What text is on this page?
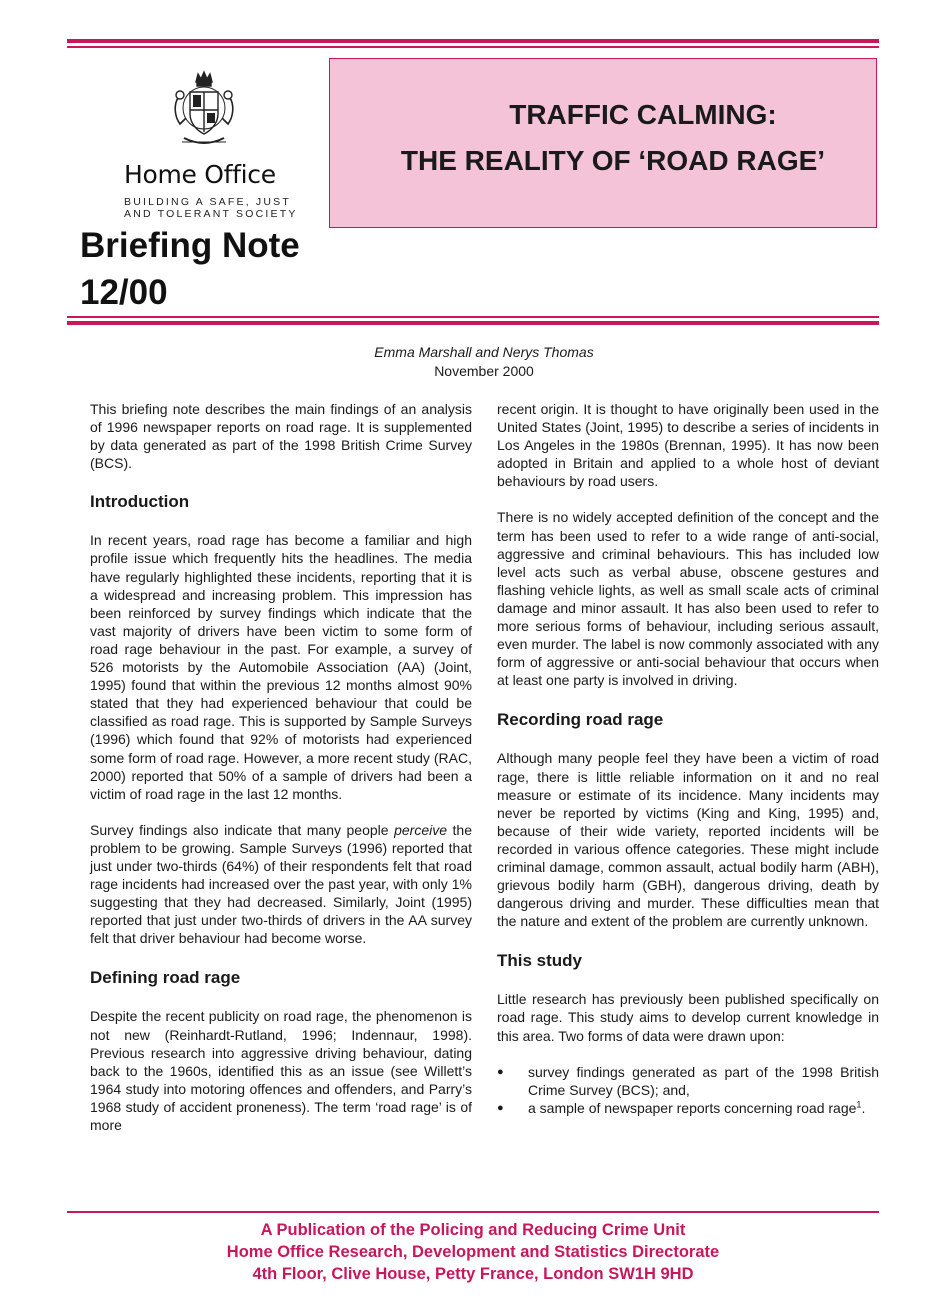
Home Office
BUILDING A SAFE, JUST
AND TOLERANT SOCIETY
Briefing Note
12/00
TRAFFIC CALMING:
THE REALITY OF ‘ROAD RAGE’
Emma Marshall and Nerys Thomas
November 2000

This briefing note describes the main findings of an analysis of 1996 newspaper reports on road rage. It is supplemented by data generated as part of the 1998 British Crime Survey (BCS).

Introduction

In recent years, road rage has become a familiar and high profile issue which frequently hits the headlines. The media have regularly highlighted these incidents, reporting that it is a widespread and increasing problem. This impression has been reinforced by survey findings which indicate that the vast majority of drivers have been victim to some form of road rage behaviour in the past. For example, a survey of 526 motorists by the Automobile Association (AA) (Joint, 1995) found that within the previous 12 months almost 90% stated that they had experienced behaviour that could be classified as road rage. This is supported by Sample Surveys (1996) which found that 92% of motorists had experienced some form of road rage. However, a more recent study (RAC, 2000) reported that 50% of a sample of drivers had been a victim of road rage in the last 12 months.

Survey findings also indicate that many people perceive the problem to be growing. Sample Surveys (1996) reported that just under two-thirds (64%) of their respondents felt that road rage incidents had increased over the past year, with only 1% suggesting that they had decreased. Similarly, Joint (1995) reported that just under two-thirds of drivers in the AA survey felt that driver behaviour had become worse.

Defining road rage

Despite the recent publicity on road rage, the phenomenon is not new (Reinhardt-Rutland, 1996; Indennaur, 1998). Previous research into aggressive driving behaviour, dating back to the 1960s, identified this as an issue (see Willett’s 1964 study into motoring offences and offenders, and Parry’s 1968 study of accident proneness). The term ‘road rage’ is of more

recent origin. It is thought to have originally been used in the United States (Joint, 1995) to describe a series of incidents in Los Angeles in the 1980s (Brennan, 1995). It has now been adopted in Britain and applied to a whole host of deviant behaviours by road users.

There is no widely accepted definition of the concept and the term has been used to refer to a wide range of anti-social, aggressive and criminal behaviours. This has included low level acts such as verbal abuse, obscene gestures and flashing vehicle lights, as well as small scale acts of criminal damage and minor assault. It has also been used to refer to more serious forms of behaviour, including serious assault, even murder. The label is now commonly associated with any form of aggressive or anti-social behaviour that occurs when at least one party is involved in driving.

Recording road rage

Although many people feel they have been a victim of road rage, there is little reliable information on it and no real measure or estimate of its incidence. Many incidents may never be reported by victims (King and King, 1995) and, because of their wide variety, reported incidents will be recorded in various offence categories. These might include criminal damage, common assault, actual bodily harm (ABH), grievous bodily harm (GBH), dangerous driving, death by dangerous driving and murder. These difficulties mean that the nature and extent of the problem are currently unknown.

This study

Little research has previously been published specifically on road rage. This study aims to develop current knowledge in this area. Two forms of data were drawn upon:

● survey findings generated as part of the 1998 British Crime Survey (BCS); and,
● a sample of newspaper reports concerning road rage$^1$.
A Publication of the Policing and Reducing Crime Unit
Home Office Research, Development and Statistics Directorate
4th Floor, Clive House, Petty France, London SW1H 9HD
